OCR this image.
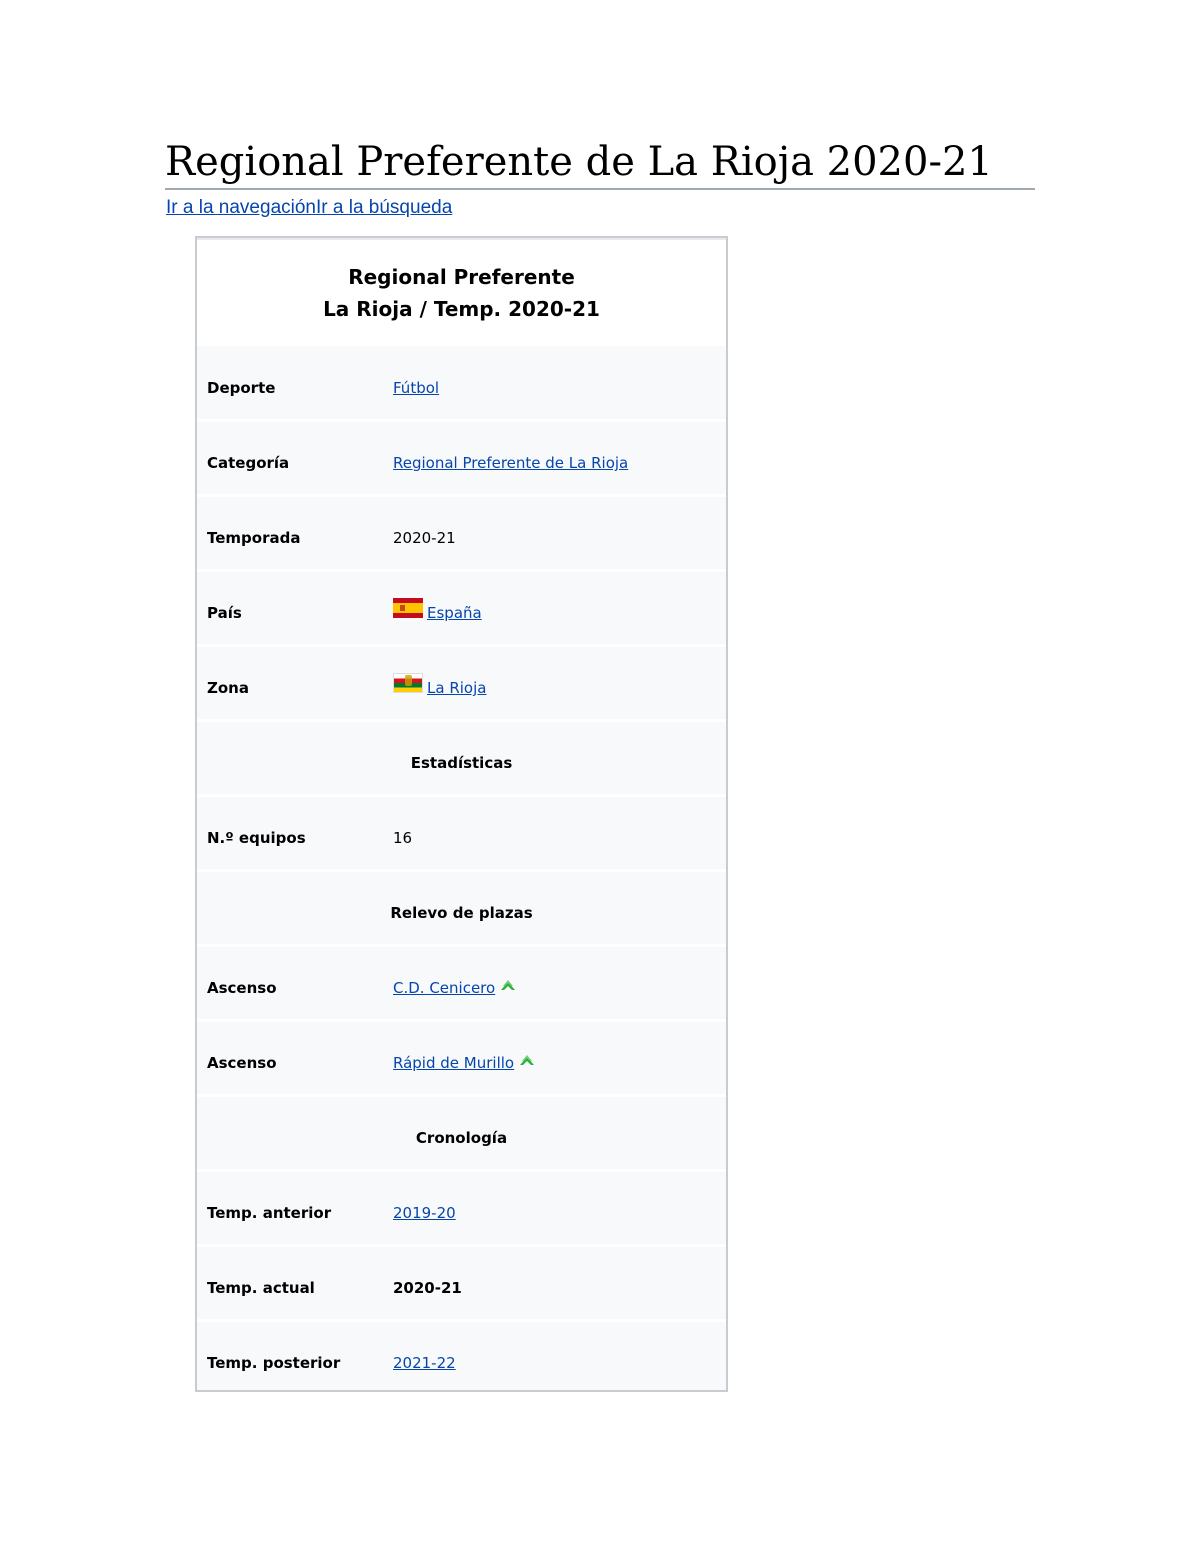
Regional Preferente de La Rioja 2020-21
Ir a la navegaciónIr a la búsqueda
Regional Preferente
La Rioja / Temp. 2020-21
Deporte	Fútbol
Categoría	Regional Preferente de La Rioja
Temporada	2020-21
País	España
Zona	La Rioja
Estadísticas
N.º equipos	16
Relevo de plazas
Ascenso	C.D. Cenicero
Ascenso	Rápid de Murillo
Cronología
Temp. anterior	2019-20
Temp. actual	2020-21
Temp. posterior	2021-22
